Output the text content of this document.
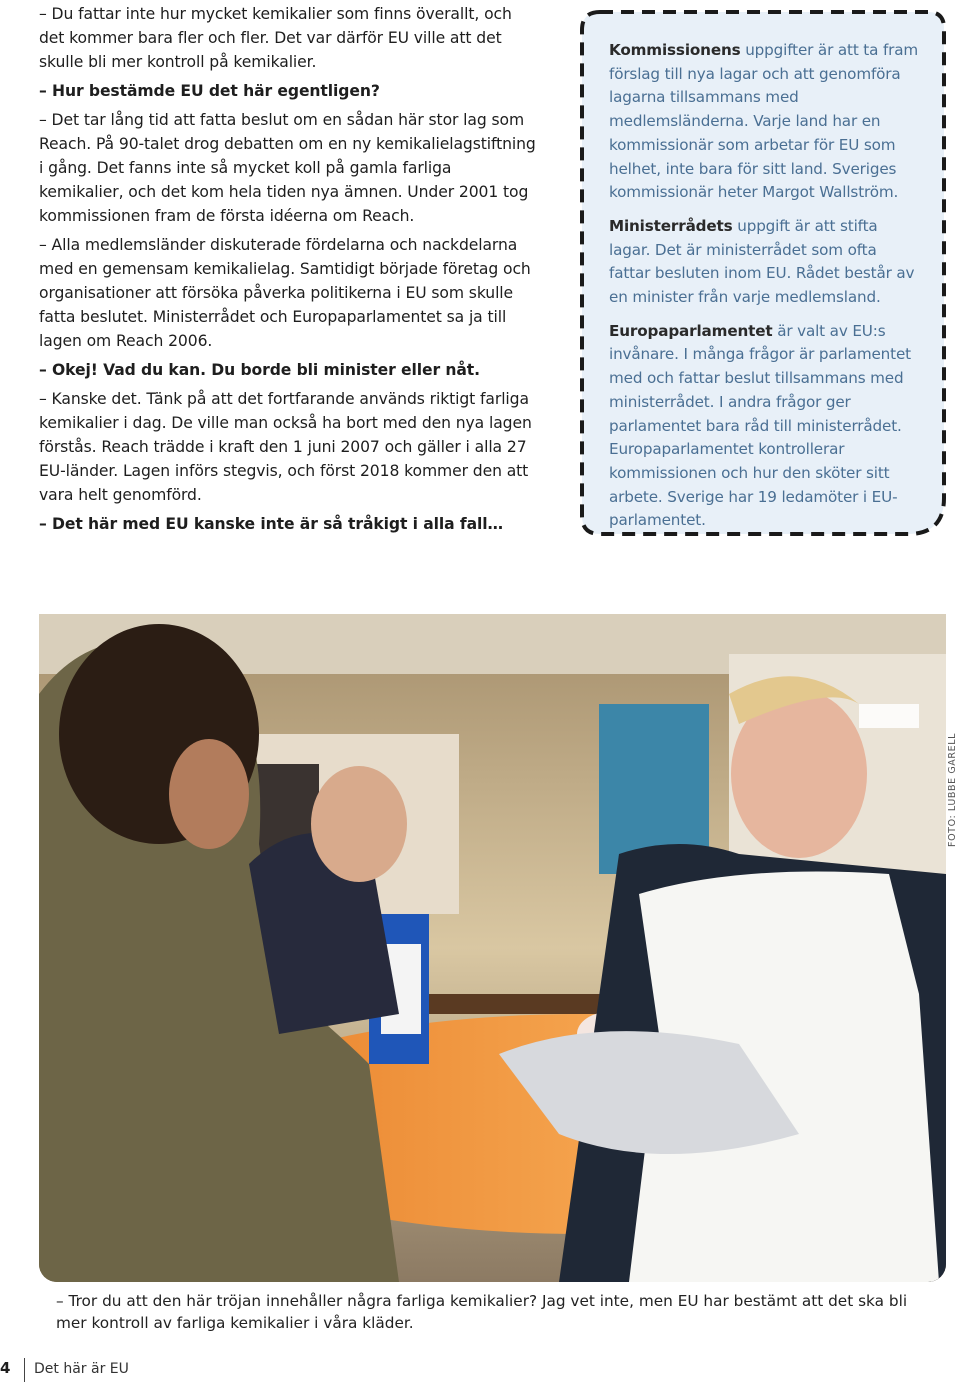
– Du fattar inte hur mycket kemikalier som finns överallt, och det kommer bara fler och fler. Det var därför EU ville att det skulle bli mer kontroll på kemikalier.

– Hur bestämde EU det här egentligen?

– Det tar lång tid att fatta beslut om en sådan här stor lag som Reach. På 90-talet drog debatten om en ny kemikalielagstiftning i gång. Det fanns inte så mycket koll på gamla farliga kemikalier, och det kom hela tiden nya ämnen. Under 2001 tog kommissionen fram de första idéerna om Reach.

– Alla medlemsländer diskuterade fördelarna och nackdelarna med en gemensam kemikalielag. Samtidigt började företag och organisationer att försöka påverka politikerna i EU som skulle fatta beslutet. Ministerrådet och Europaparlamentet sa ja till lagen om Reach 2006.

– Okej! Vad du kan. Du borde bli minister eller nåt.

– Kanske det. Tänk på att det fortfarande används riktigt farliga kemikalier i dag. De ville man också ha bort med den nya lagen förstås. Reach trädde i kraft den 1 juni 2007 och gäller i alla 27 EU-länder. Lagen införs stegvis, och först 2018 kommer den att vara helt genomförd.

– Det här med EU kanske inte är så tråkigt i alla fall…

Kommissionens uppgifter är att ta fram förslag till nya lagar och att genomföra lagarna tillsammans med medlemsländerna. Varje land har en kommissionär som arbetar för EU som helhet, inte bara för sitt land. Sveriges kommissionär heter Margot Wallström.

Ministerrådets uppgift är att stifta lagar. Det är ministerrådet som ofta fattar besluten inom EU. Rådet består av en minister från varje medlemsland.

Europaparlamentet är valt av EU:s invånare. I många frågor är parlamentet med och fattar beslut tillsammans med ministerrådet. I andra frågor ger parlamentet bara råd till ministerrådet. Europaparlamentet kontrollerar kommissionen och hur den sköter sitt arbete. Sverige har 19 ledamöter i EU-parlamentet.

FOTO: LUBBE GARELL
– Tror du att den här tröjan innehåller några farliga kemikalier? Jag vet inte, men EU har bestämt att det ska bli mer kontroll av farliga kemikalier i våra kläder.
4 Det här är EU
